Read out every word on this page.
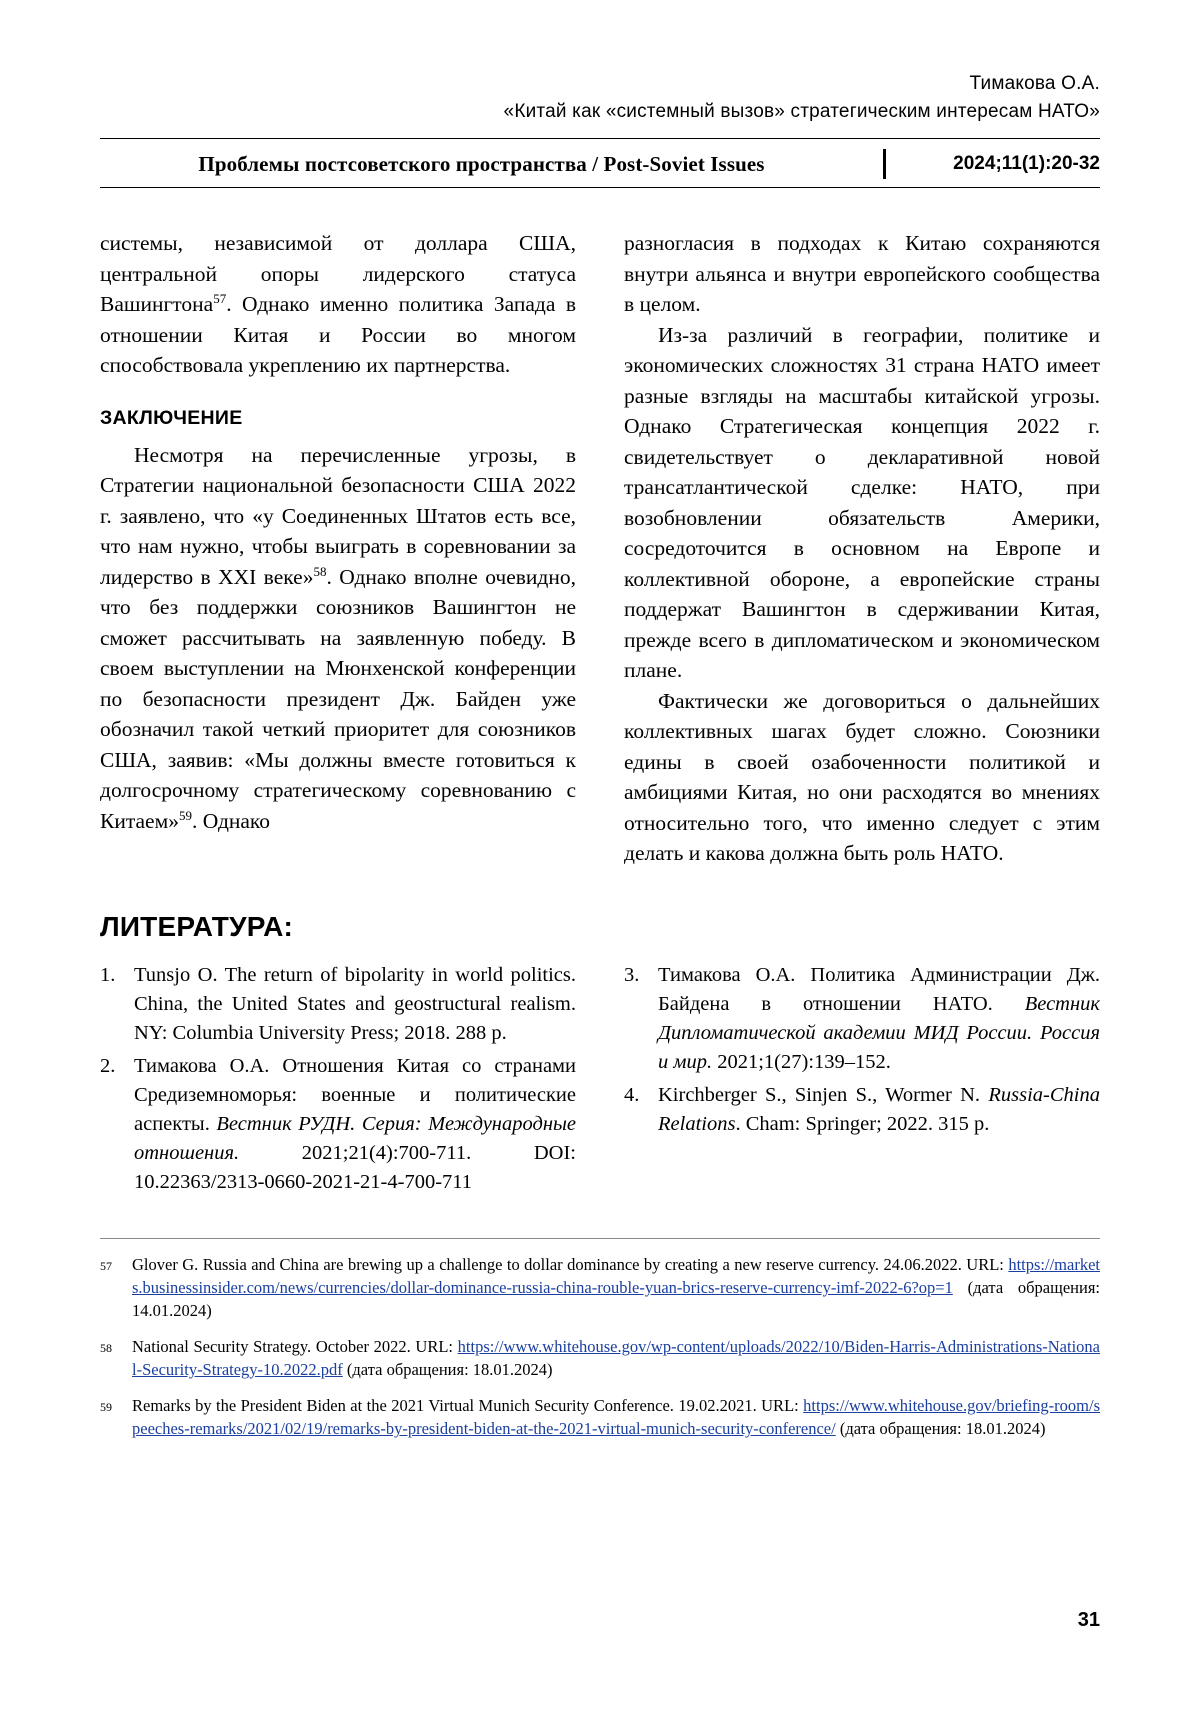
Тимакова О.А.
«Китай как «системный вызов» стратегическим интересам НАТО»
Проблемы постсоветского пространства / Post-Soviet Issues	2024;11(1):20-32

системы, независимой от доллара США, центральной опоры лидерского статуса Вашингтона$^{57}$. Однако именно политика Запада в отношении Китая и России во многом способствовала укреплению их партнерства.

ЗАКЛЮЧЕНИЕ

Несмотря на перечисленные угрозы, в Стратегии национальной безопасности США 2022 г. заявлено, что «у Соединенных Штатов есть все, что нам нужно, чтобы выиграть в соревновании за лидерство в XXI веке»$^{58}$. Однако вполне очевидно, что без поддержки союзников Вашингтон не сможет рассчитывать на заявленную победу. В своем выступлении на Мюнхенской конференции по безопасности президент Дж. Байден уже обозначил такой четкий приоритет для союзников США, заявив: «Мы должны вместе готовиться к долгосрочному стратегическому соревнованию с Китаем»$^{59}$. Однако

разногласия в подходах к Китаю сохраняются внутри альянса и внутри европейского сообщества в целом.

Из-за различий в географии, политике и экономических сложностях 31 страна НАТО имеет разные взгляды на масштабы китайской угрозы. Однако Стратегическая концепция 2022 г. свидетельствует о декларативной новой трансатлантической сделке: НАТО, при возобновлении обязательств Америки, сосредоточится в основном на Европе и коллективной обороне, а европейские страны поддержат Вашингтон в сдерживании Китая, прежде всего в дипломатическом и экономическом плане.

Фактически же договориться о дальнейших коллективных шагах будет сложно. Союзники едины в своей озабоченности политикой и амбициями Китая, но они расходятся во мнениях относительно того, что именно следует с этим делать и какова должна быть роль НАТО.

ЛИТЕРАТУРА:
1. Tunsjo O. The return of bipolarity in world politics. China, the United States and geostructural realism. NY: Columbia University Press; 2018. 288 p.
2. Тимакова О.А. Отношения Китая со странами Средиземноморья: военные и политические аспекты. Вестник РУДН. Серия: Международные отношения. 2021;21(4):700-711. DOI: 10.22363/2313-0660-2021-21-4-700-711
3. Тимакова О.А. Политика Администрации Дж. Байдена в отношении НАТО. Вестник Дипломатической академии МИД России. Россия и мир. 2021;1(27):139–152.
4. Kirchberger S., Sinjen S., Wormer N. Russia-China Relations. Cham: Springer; 2022. 315 p.
57	Glover G. Russia and China are brewing up a challenge to dollar dominance by creating a new reserve currency. 24.06.2022. URL: https://markets.businessinsider.com/news/currencies/dollar-dominance-russia-china-rouble-yuan-brics-reserve-currency-imf-2022-6?op=1 (дата обращения: 14.01.2024)
58	National Security Strategy. October 2022. URL: https://www.whitehouse.gov/wp-content/uploads/2022/10/Biden-Harris-Administrations-National-Security-Strategy-10.2022.pdf (дата обращения: 18.01.2024)
59	Remarks by the President Biden at the 2021 Virtual Munich Security Conference. 19.02.2021. URL: https://www.whitehouse.gov/briefing-room/speeches-remarks/2021/02/19/remarks-by-president-biden-at-the-2021-virtual-munich-security-conference/ (дата обращения: 18.01.2024)
31
